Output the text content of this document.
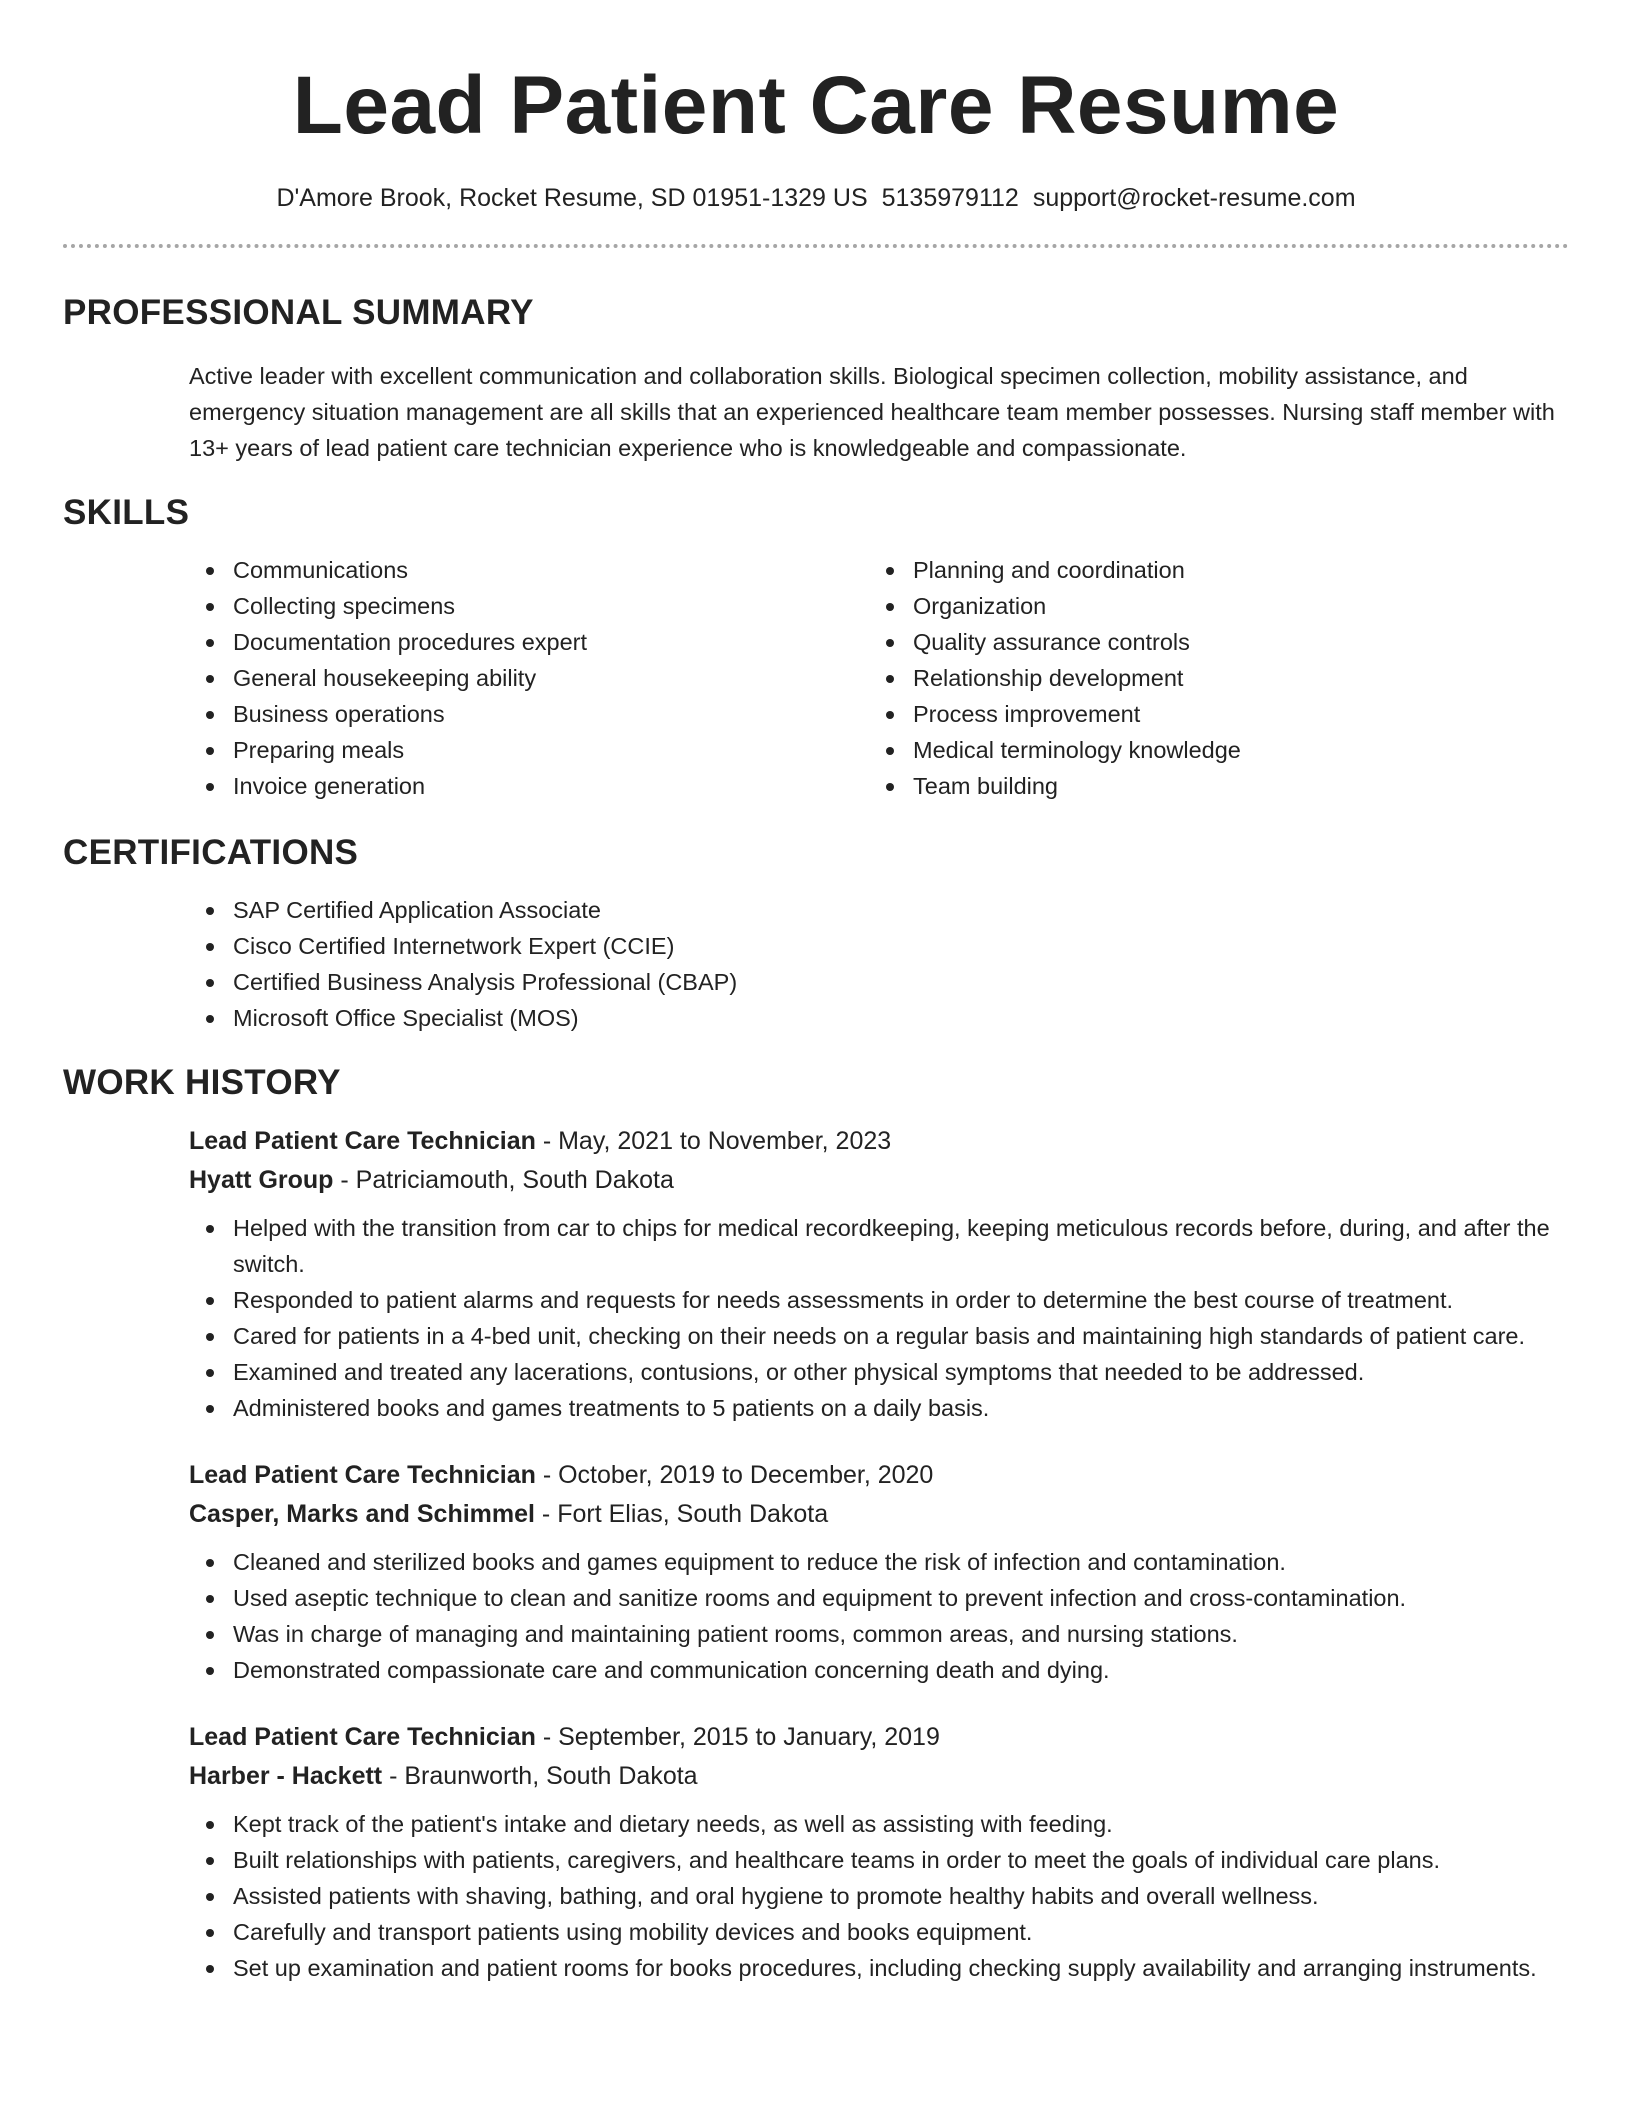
Lead Patient Care Resume
D'Amore Brook, Rocket Resume, SD 01951-1329 US 5135979112 support@rocket-resume.com
PROFESSIONAL SUMMARY

Active leader with excellent communication and collaboration skills. Biological specimen collection, mobility assistance, and emergency situation management are all skills that an experienced healthcare team member possesses. Nursing staff member with 13+ years of lead patient care technician experience who is knowledgeable and compassionate.

SKILLS
Communications
Collecting specimens
Documentation procedures expert
General housekeeping ability
Business operations
Preparing meals
Invoice generation
Planning and coordination
Organization
Quality assurance controls
Relationship development
Process improvement
Medical terminology knowledge
Team building
CERTIFICATIONS
SAP Certified Application Associate
Cisco Certified Internetwork Expert (CCIE)
Certified Business Analysis Professional (CBAP)
Microsoft Office Specialist (MOS)
WORK HISTORY
Lead Patient Care Technician - May, 2021 to November, 2023
Hyatt Group - Patriciamouth, South Dakota
Helped with the transition from car to chips for medical recordkeeping, keeping meticulous records before, during, and after the switch.
Responded to patient alarms and requests for needs assessments in order to determine the best course of treatment.
Cared for patients in a 4-bed unit, checking on their needs on a regular basis and maintaining high standards of patient care.
Examined and treated any lacerations, contusions, or other physical symptoms that needed to be addressed.
Administered books and games treatments to 5 patients on a daily basis.
Lead Patient Care Technician - October, 2019 to December, 2020
Casper, Marks and Schimmel - Fort Elias, South Dakota
Cleaned and sterilized books and games equipment to reduce the risk of infection and contamination.
Used aseptic technique to clean and sanitize rooms and equipment to prevent infection and cross-contamination.
Was in charge of managing and maintaining patient rooms, common areas, and nursing stations.
Demonstrated compassionate care and communication concerning death and dying.
Lead Patient Care Technician - September, 2015 to January, 2019
Harber - Hackett - Braunworth, South Dakota
Kept track of the patient's intake and dietary needs, as well as assisting with feeding.
Built relationships with patients, caregivers, and healthcare teams in order to meet the goals of individual care plans.
Assisted patients with shaving, bathing, and oral hygiene to promote healthy habits and overall wellness.
Carefully and transport patients using mobility devices and books equipment.
Set up examination and patient rooms for books procedures, including checking supply availability and arranging instruments.
